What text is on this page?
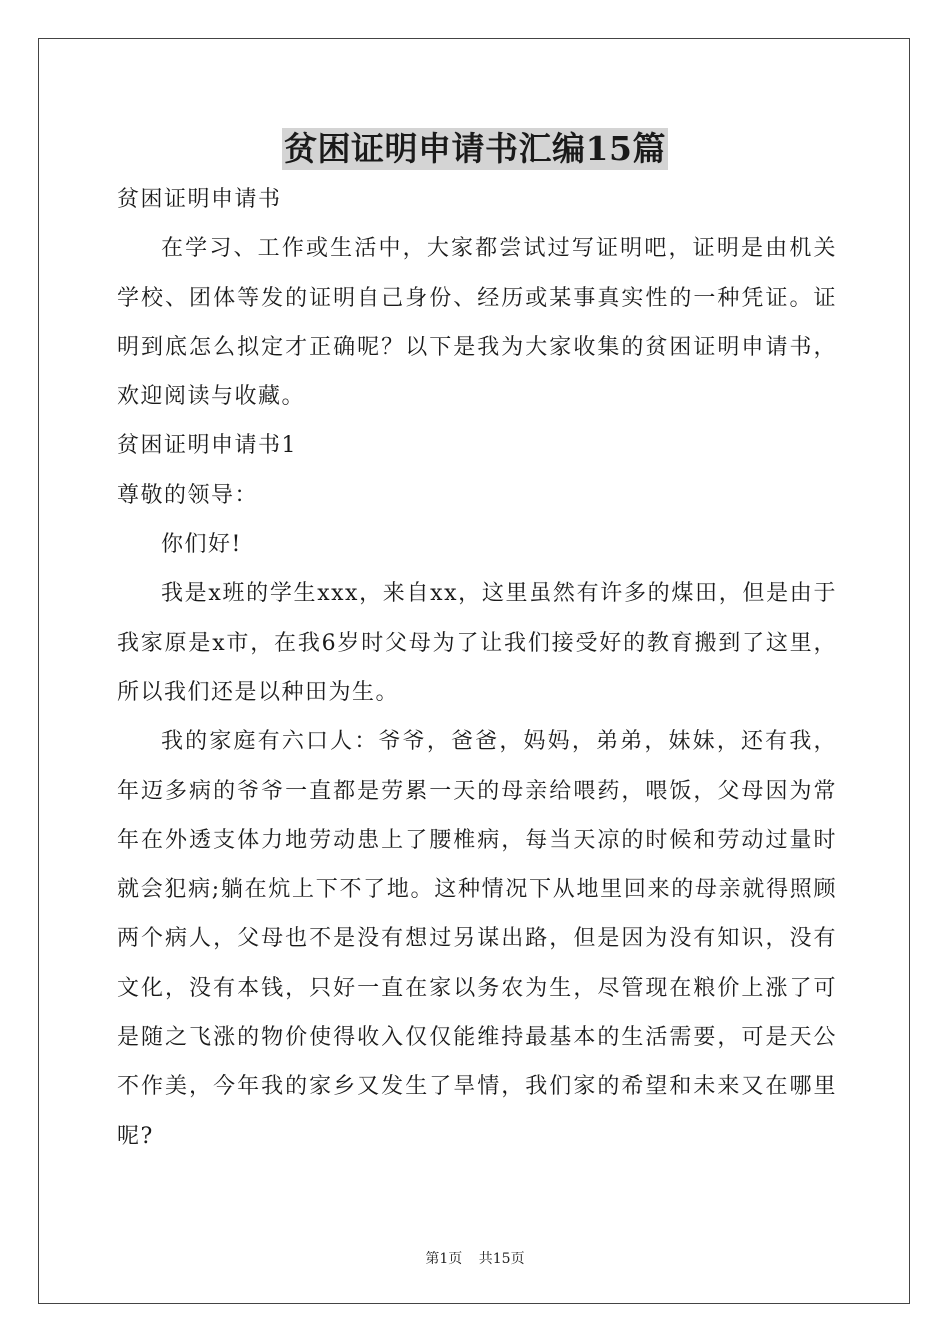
贫困证明申请书汇编15篇

贫困证明申请书

在学习、工作或生活中，大家都尝试过写证明吧，证明是由机关学校、团体等发的证明自己身份、经历或某事真实性的一种凭证。证明到底怎么拟定才正确呢？以下是我为大家收集的贫困证明申请书，欢迎阅读与收藏。

贫困证明申请书1

尊敬的领导：

你们好!

我是x班的学生xxx，来自xx，这里虽然有许多的煤田，但是由于我家原是x市，在我6岁时父母为了让我们接受好的教育搬到了这里，所以我们还是以种田为生。

我的家庭有六口人：爷爷，爸爸，妈妈，弟弟，妹妹，还有我，年迈多病的爷爷一直都是劳累一天的母亲给喂药，喂饭，父母因为常年在外透支体力地劳动患上了腰椎病，每当天凉的时候和劳动过量时就会犯病;躺在炕上下不了地。这种情况下从地里回来的母亲就得照顾两个病人，父母也不是没有想过另谋出路，但是因为没有知识，没有文化，没有本钱，只好一直在家以务农为生，尽管现在粮价上涨了可是随之飞涨的物价使得收入仅仅能维持最基本的生活需要，可是天公不作美，今年我的家乡又发生了旱情，我们家的希望和未来又在哪里呢?

第1页 共15页
